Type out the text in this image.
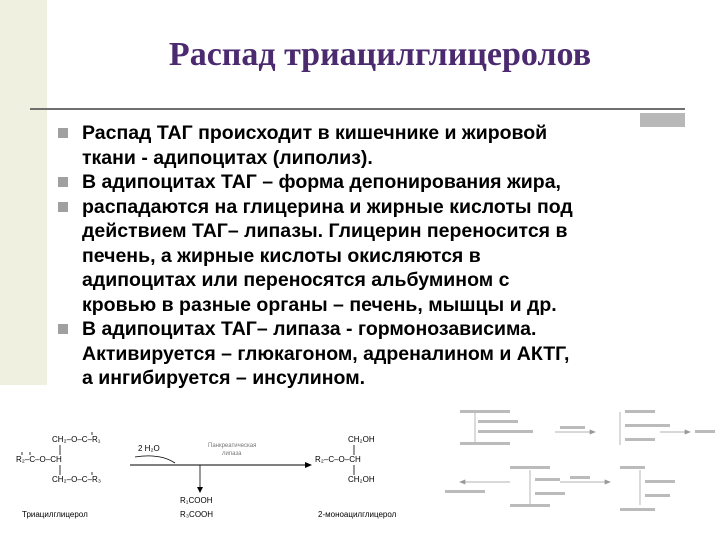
Распад триацилглицеролов
Распад ТАГ происходит в кишечнике и жировой
ткани - адипоцитах (липолиз).
В адипоцитах ТАГ – форма депонирования жира,
распадаются на глицерина и жирные кислоты под
действием ТАГ– липазы. Глицерин переносится в
печень, а жирные кислоты окисляются в
адипоцитах или переносятся альбумином с
кровью в разные органы – печень, мышцы и др.
В адипоцитах ТАГ– липаза - гормонозависима.
Активируется – глюкагоном, адреналином и АКТГ,
а ингибируется – инсулином.
CH₂–O–C–R₁
R₂–C–O–CH
CH₂–O–C–R₃
Триацилглицерол
2 H₂O	Панкреатическая липаза
R₁COOH
R₃COOH
CH₂OH
R₂–C–O–CH
CH₂OH
2-моноацилглицерол
